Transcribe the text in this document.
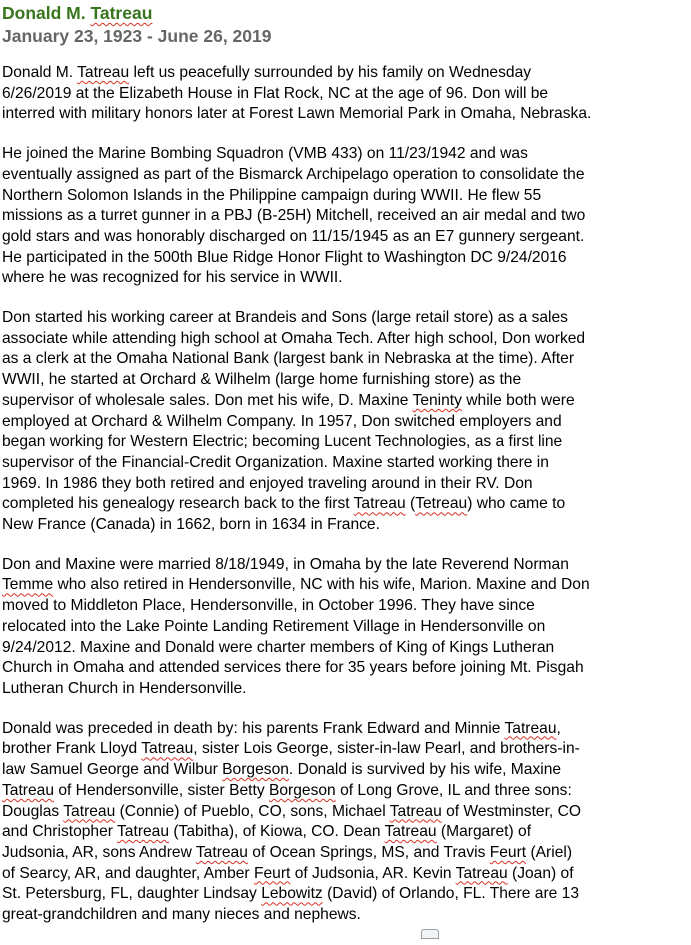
Donald M. Tatreau
January 23, 1923 - June 26, 2019

Donald M. Tatreau left us peacefully surrounded by his family on Wednesday
6/26/2019 at the Elizabeth House in Flat Rock, NC at the age of 96. Don will be
interred with military honors later at Forest Lawn Memorial Park in Omaha, Nebraska.

He joined the Marine Bombing Squadron (VMB 433) on 11/23/1942 and was
eventually assigned as part of the Bismarck Archipelago operation to consolidate the
Northern Solomon Islands in the Philippine campaign during WWII. He flew 55
missions as a turret gunner in a PBJ (B-25H) Mitchell, received an air medal and two
gold stars and was honorably discharged on 11/15/1945 as an E7 gunnery sergeant.
He participated in the 500th Blue Ridge Honor Flight to Washington DC 9/24/2016
where he was recognized for his service in WWII.

Don started his working career at Brandeis and Sons (large retail store) as a sales
associate while attending high school at Omaha Tech. After high school, Don worked
as a clerk at the Omaha National Bank (largest bank in Nebraska at the time). After
WWII, he started at Orchard & Wilhelm (large home furnishing store) as the
supervisor of wholesale sales. Don met his wife, D. Maxine Teninty while both were
employed at Orchard & Wilhelm Company. In 1957, Don switched employers and
began working for Western Electric; becoming Lucent Technologies, as a first line
supervisor of the Financial-Credit Organization. Maxine started working there in
1969. In 1986 they both retired and enjoyed traveling around in their RV. Don
completed his genealogy research back to the first Tatreau (Tetreau) who came to
New France (Canada) in 1662, born in 1634 in France.

Don and Maxine were married 8/18/1949, in Omaha by the late Reverend Norman
Temme who also retired in Hendersonville, NC with his wife, Marion. Maxine and Don
moved to Middleton Place, Hendersonville, in October 1996. They have since
relocated into the Lake Pointe Landing Retirement Village in Hendersonville on
9/24/2012. Maxine and Donald were charter members of King of Kings Lutheran
Church in Omaha and attended services there for 35 years before joining Mt. Pisgah
Lutheran Church in Hendersonville.

Donald was preceded in death by: his parents Frank Edward and Minnie Tatreau,
brother Frank Lloyd Tatreau, sister Lois George, sister-in-law Pearl, and brothers-in-
law Samuel George and Wilbur Borgeson. Donald is survived by his wife, Maxine
Tatreau of Hendersonville, sister Betty Borgeson of Long Grove, IL and three sons:
Douglas Tatreau (Connie) of Pueblo, CO, sons, Michael Tatreau of Westminster, CO
and Christopher Tatreau (Tabitha), of Kiowa, CO. Dean Tatreau (Margaret) of
Judsonia, AR, sons Andrew Tatreau of Ocean Springs, MS, and Travis Feurt (Ariel)
of Searcy, AR, and daughter, Amber Feurt of Judsonia, AR. Kevin Tatreau (Joan) of
St. Petersburg, FL, daughter Lindsay Lebowitz (David) of Orlando, FL. There are 13
great-grandchildren and many nieces and nephews.
